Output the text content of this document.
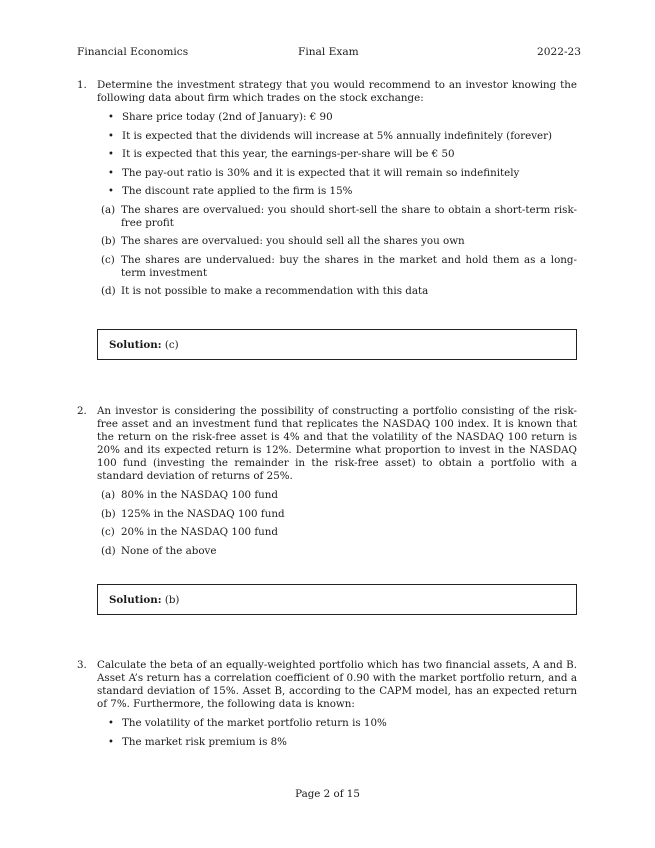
Financial Economics	Final Exam	2022-23
1. Determine the investment strategy that you would recommend to an investor knowing the following data about firm which trades on the stock exchange:
• Share price today (2nd of January): € 90
• It is expected that the dividends will increase at 5% annually indefinitely (forever)
• It is expected that this year, the earnings-per-share will be € 50
• The pay-out ratio is 30% and it is expected that it will remain so indefinitely
• The discount rate applied to the firm is 15%
(a) The shares are overvalued: you should short-sell the share to obtain a short-term risk-free profit
(b) The shares are overvalued: you should sell all the shares you own
(c) The shares are undervalued: buy the shares in the market and hold them as a long-term investment
(d) It is not possible to make a recommendation with this data
Solution: (c)
2. An investor is considering the possibility of constructing a portfolio consisting of the risk-free asset and an investment fund that replicates the NASDAQ 100 index. It is known that the return on the risk-free asset is 4% and that the volatility of the NASDAQ 100 return is 20% and its expected return is 12%. Determine what proportion to invest in the NASDAQ 100 fund (investing the remainder in the risk-free asset) to obtain a portfolio with a standard deviation of returns of 25%.
(a) 80% in the NASDAQ 100 fund
(b) 125% in the NASDAQ 100 fund
(c) 20% in the NASDAQ 100 fund
(d) None of the above
Solution: (b)
3. Calculate the beta of an equally-weighted portfolio which has two financial assets, A and B. Asset A’s return has a correlation coefficient of 0.90 with the market portfolio return, and a standard deviation of 15%. Asset B, according to the CAPM model, has an expected return of 7%. Furthermore, the following data is known:
• The volatility of the market portfolio return is 10%
• The market risk premium is 8%
Page 2 of 15
